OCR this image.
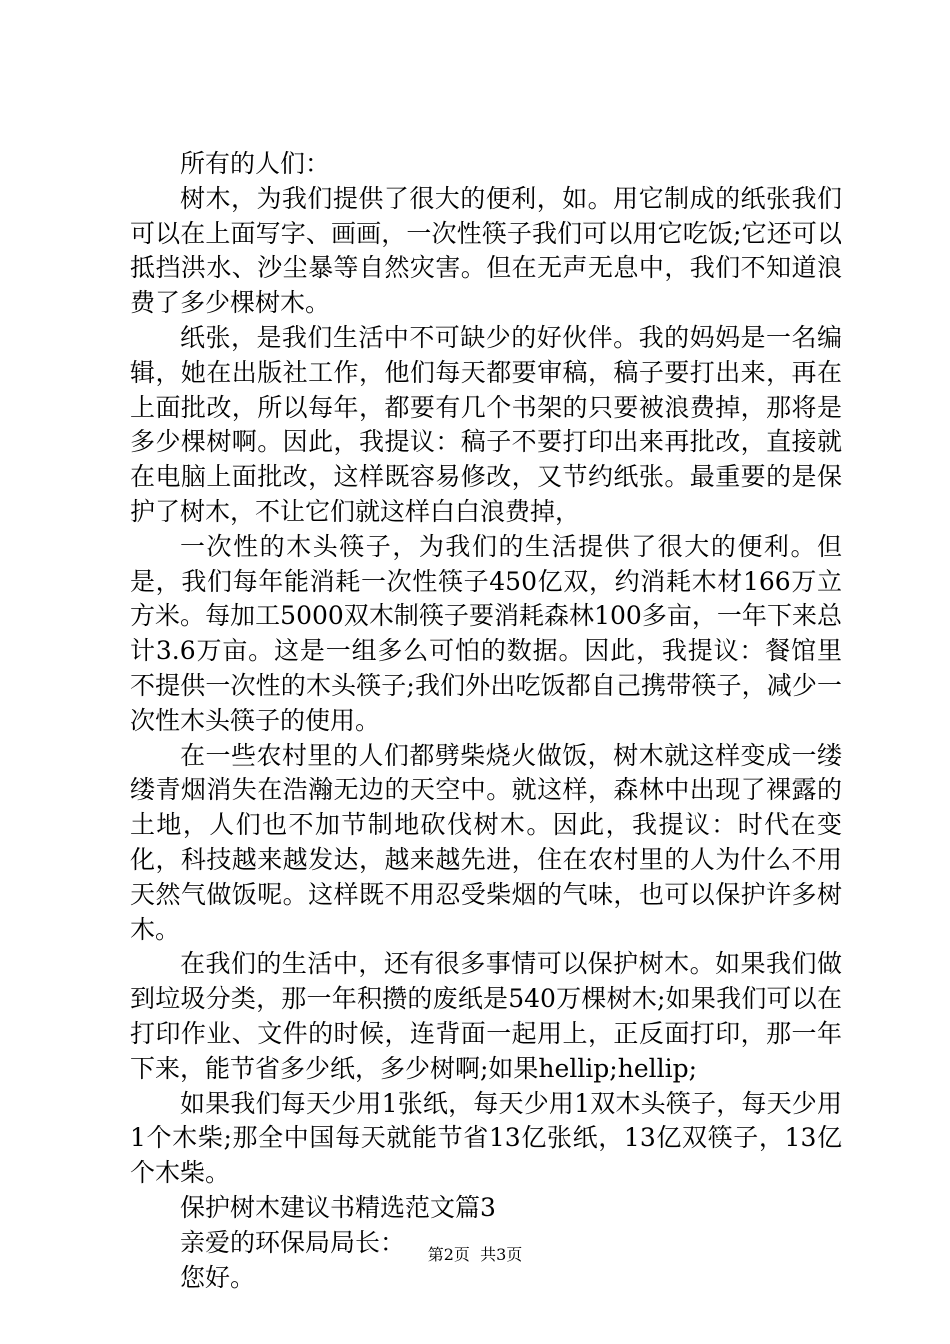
所有的人们：

树木，为我们提供了很大的便利，如。用它制成的纸张我们可以在上面写字、画画，一次性筷子我们可以用它吃饭;它还可以抵挡洪水、沙尘暴等自然灾害。但在无声无息中，我们不知道浪费了多少棵树木。

纸张，是我们生活中不可缺少的好伙伴。我的妈妈是一名编辑，她在出版社工作，他们每天都要审稿，稿子要打出来，再在上面批改，所以每年，都要有几个书架的只要被浪费掉，那将是多少棵树啊。因此，我提议：稿子不要打印出来再批改，直接就在电脑上面批改，这样既容易修改，又节约纸张。最重要的是保护了树木，不让它们就这样白白浪费掉，

一次性的木头筷子，为我们的生活提供了很大的便利。但是，我们每年能消耗一次性筷子450亿双，约消耗木材166万立方米。每加工5000双木制筷子要消耗森林100多亩，一年下来总计3.6万亩。这是一组多么可怕的数据。因此，我提议：餐馆里不提供一次性的木头筷子;我们外出吃饭都自己携带筷子，减少一次性木头筷子的使用。

在一些农村里的人们都劈柴烧火做饭，树木就这样变成一缕缕青烟消失在浩瀚无边的天空中。就这样，森林中出现了裸露的土地，人们也不加节制地砍伐树木。因此，我提议：时代在变化，科技越来越发达，越来越先进，住在农村里的人为什么不用天然气做饭呢。这样既不用忍受柴烟的气味，也可以保护许多树木。

在我们的生活中，还有很多事情可以保护树木。如果我们做到垃圾分类，那一年积攒的废纸是540万棵树木;如果我们可以在打印作业、文件的时候，连背面一起用上，正反面打印，那一年下来，能节省多少纸，多少树啊;如果hellip;hellip;

如果我们每天少用1张纸，每天少用1双木头筷子，每天少用1个木柴;那全中国每天就能节省13亿张纸，13亿双筷子，13亿个木柴。

保护树木建议书精选范文篇3

亲爱的环保局局长：

您好。

第2页  共3页
